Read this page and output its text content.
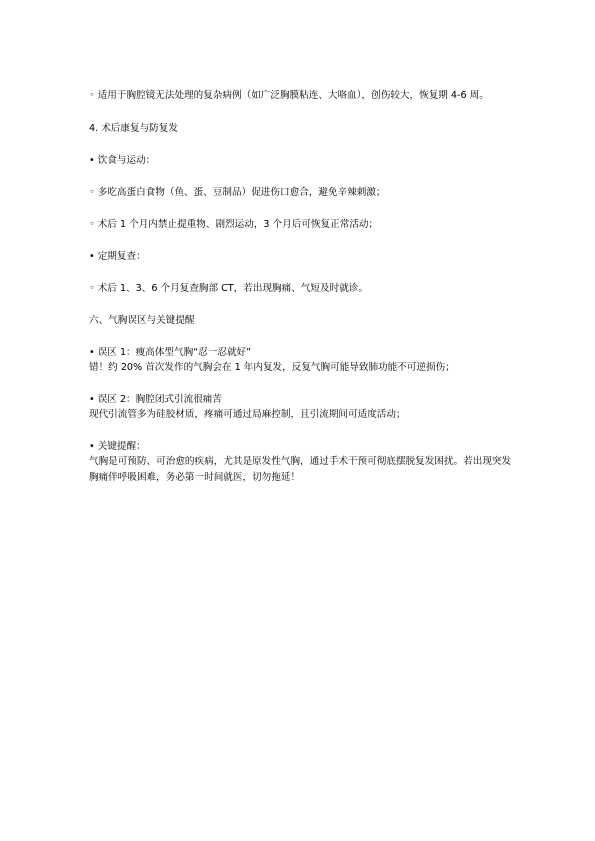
◦ 适用于胸腔镜无法处理的复杂病例（如广泛胸膜粘连、大咯血），创伤较大，恢复期 4-6 周。
4. 术后康复与防复发
• 饮食与运动：
◦ 多吃高蛋白食物（鱼、蛋、豆制品）促进伤口愈合，避免辛辣刺激；
◦ 术后 1 个月内禁止提重物、剧烈运动，3 个月后可恢复正常活动；
• 定期复查：
◦ 术后 1、3、6 个月复查胸部 CT，若出现胸痛、气短及时就诊。
六、气胸误区与关键提醒
• 误区 1：瘦高体型气胸“忍一忍就好”
错！约 20% 首次发作的气胸会在 1 年内复发，反复气胸可能导致肺功能不可逆损伤；
• 误区 2：胸腔闭式引流很痛苦
现代引流管多为硅胶材质，疼痛可通过局麻控制，且引流期间可适度活动；
• 关键提醒：
气胸是可预防、可治愈的疾病，尤其是原发性气胸，通过手术干预可彻底摆脱复发困扰。若出现突发胸痛伴呼吸困难，务必第一时间就医，切勿拖延！
